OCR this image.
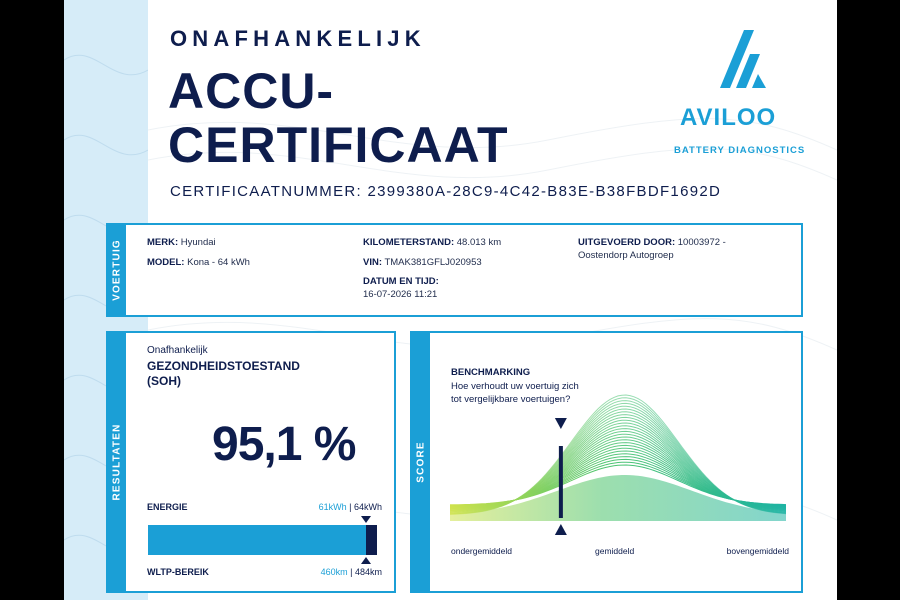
ONAFHANKELIJK
ACCU-
CERTIFICAAT
CERTIFICAATNUMMER: 2399380A-28C9-4C42-B83E-B38FBDF1692D
AVILOO
BATTERY DIAGNOSTICS
VOERTUIG	MERK: Hyundai
MODEL: Kona - 64 kWh
KILOMETERSTAND: 48.013 km
VIN: TMAK381GFLJ020953
DATUM EN TIJD:
16-07-2026 11:21
UITGEVOERD DOOR: 10003972 -
Oostendorp Autogroep
RESULTATEN
Onafhankelijk
GEZONDHEIDSTOESTAND
(SOH)
95,1 %
ENERGIE	61kWh | 64kWh
WLTP-BEREIK	460km | 484km
SCORE
BENCHMARKING
Hoe verhoudt uw voertuig zich tot vergelijkbare voertuigen?
ondergemiddeld	gemiddeld	bovengemiddeld
